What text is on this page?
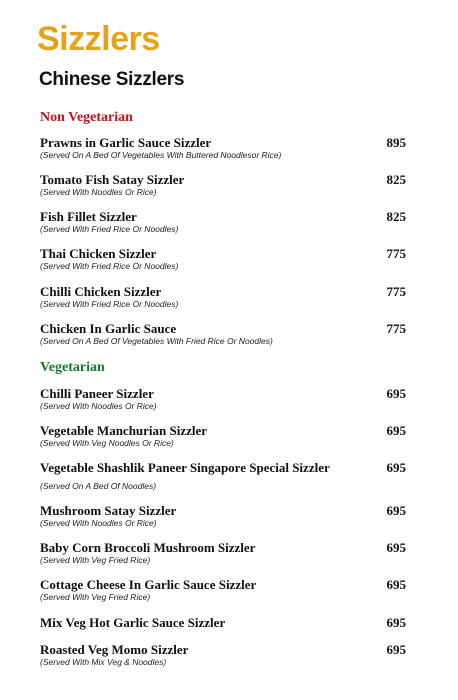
Sizzlers
Chinese Sizzlers
Non Vegetarian
Prawns in Garlic Sauce Sizzler
(Served On A Bed Of Vegetables With Buttered Noodlesor Rice)
895
Tomato Fish Satay Sizzler
(Served With Noodles Or Rice)
825
Fish Fillet Sizzler
(Served With Fried Rice Or Noodles)
825
Thai Chicken Sizzler
(Served With Fried Rice Or Noodles)
775
Chilli Chicken Sizzler
(Served With Fried Rice Or Noodles)
775
Chicken In Garlic Sauce
(Served On A Bed Of Vegetables With Fried Rice Or Noodles)
775
Vegetarian
Chilli Paneer Sizzler
(Served With Noodles Or Rice)
695
Vegetable Manchurian Sizzler
(Served With Veg Noodles Or Rice)
695
Vegetable Shashlik Paneer Singapore Special Sizzler
(Served On A Bed Of Noodles)
695
Mushroom Satay Sizzler
(Served With Noodles Or Rice)
695
Baby Corn Broccoli Mushroom Sizzler
(Served With Veg Fried Rice)
695
Cottage Cheese In Garlic Sauce Sizzler
(Served With Veg Fried Rice)
695
Mix Veg Hot Garlic Sauce Sizzler	695
Roasted Veg Momo Sizzler
(Served With Mix Veg & Noodles)
695
